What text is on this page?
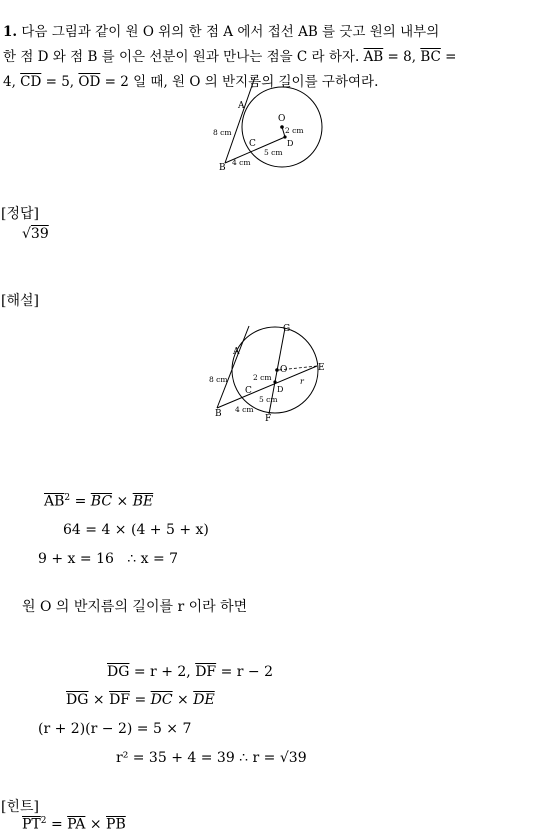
1. 다음 그림과 같이 원 O 위의 한 점 A 에서 접선 AB 를 긋고 원의 내부의
한 점 D 와 점 B 를 이은 선분이 원과 만나는 점을 C 라 하자. $\overline{AB} = 8$, $\overline{BC}$ =
4, $\overline{CD} = 5$, $\overline{OD} = 2$ 일 때, 원 O 의 반지름의 길이를 구하여라.
A
O
D
B
C
8 cm	2 cm
5 cm
4 cm
[정답]
√39
[해설]
G
A
O	E
D
B
C
F
r
8 cm	2 cm
5 cm
4 cm
$\overline{AB}^2 = \overline{BC} \times \overline{BE}$
64 = 4 × (4 + 5 + x)
9 + x = 16 ∴ x = 7
원 O 의 반지름의 길이를 r 이라 하면
$\overline{DG} = r + 2$, $\overline{DF} = r - 2$
$\overline{DG} \times \overline{DF} = \overline{DC} \times \overline{DE}$
(r + 2)(r − 2) = 5 × 7
r² = 35 + 4 = 39 ∴ r = √39
[힌트]
$\overline{PT}^2 = \overline{PA} \times \overline{PB}$
